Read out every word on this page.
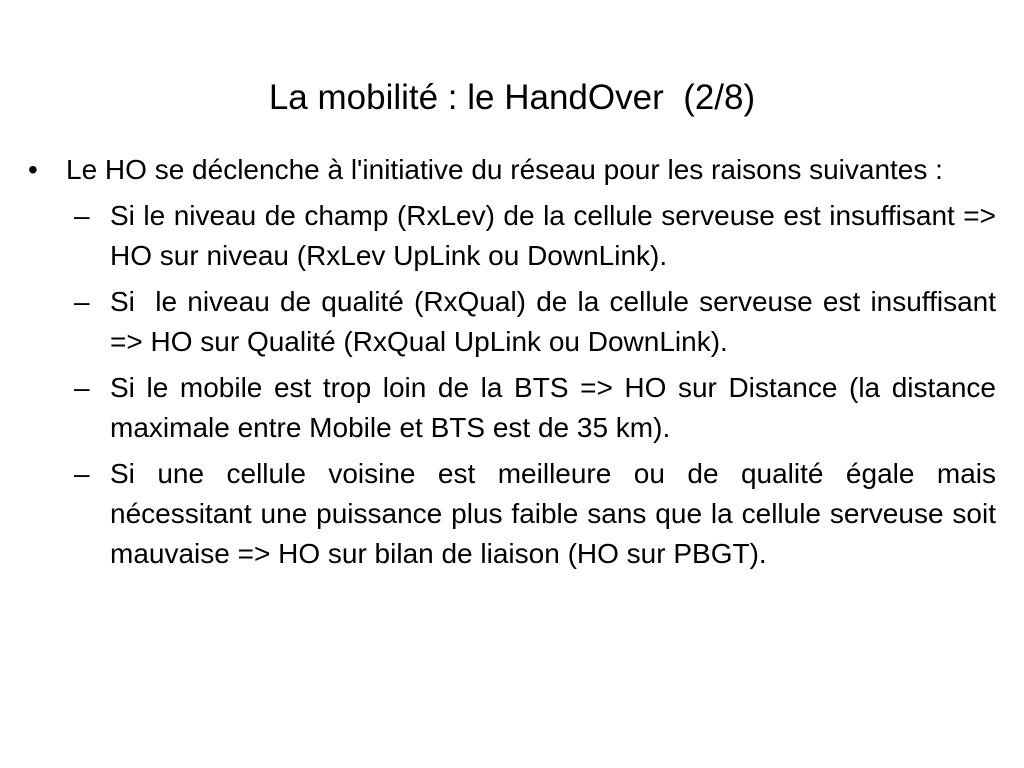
La mobilité : le HandOver  (2/8)
•	Le HO se déclenche à l'initiative du réseau pour les raisons suivantes :
– Si le niveau de champ (RxLev) de la cellule serveuse est insuffisant => HO sur niveau (RxLev UpLink ou DownLink).
– Si  le niveau de qualité (RxQual) de la cellule serveuse est insuffisant => HO sur Qualité (RxQual UpLink ou DownLink).
– Si le mobile est trop loin de la BTS => HO sur Distance (la distance maximale entre Mobile et BTS est de 35 km).
– Si une cellule voisine est meilleure ou de qualité égale mais nécessitant une puissance plus faible sans que la cellule serveuse soit mauvaise => HO sur bilan de liaison (HO sur PBGT).
